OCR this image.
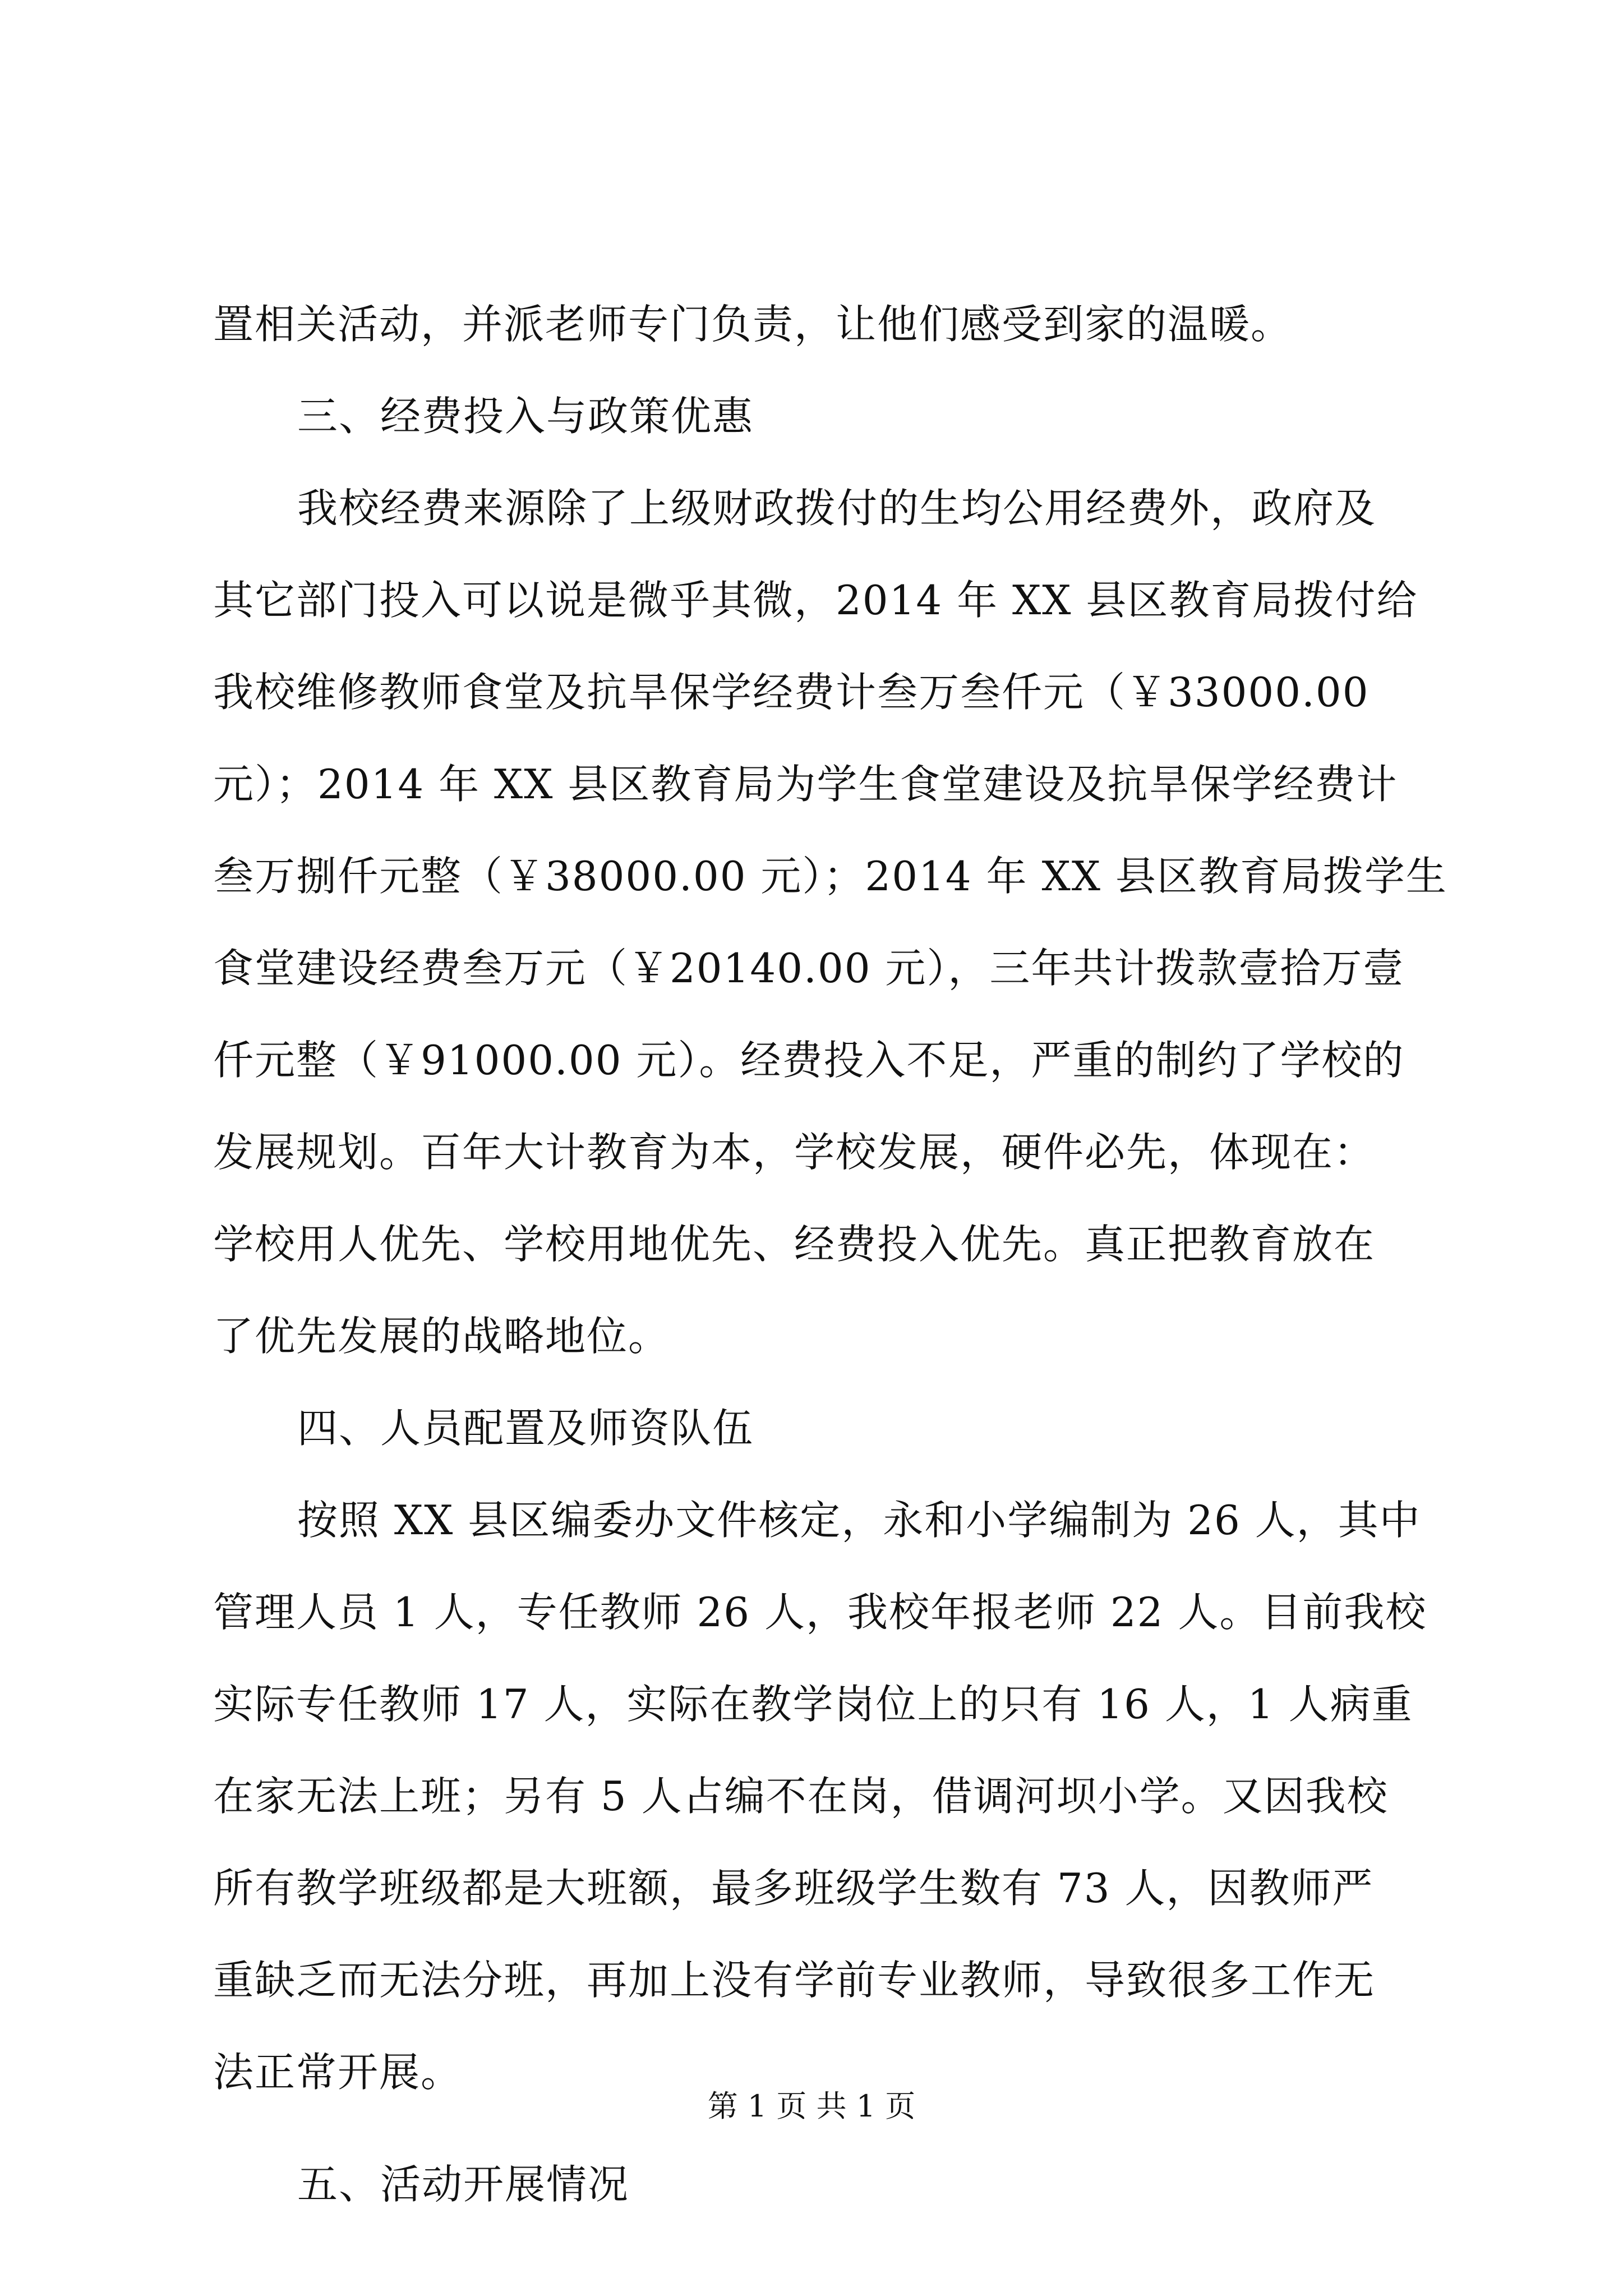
置相关活动，并派老师专门负责，让他们感受到家的温暖。
三、经费投入与政策优惠
我校经费来源除了上级财政拨付的生均公用经费外，政府及
其它部门投入可以说是微乎其微，2014 年 XX 县区教育局拨付给
我校维修教师食堂及抗旱保学经费计叁万叁仟元（￥33000.00
元）；2014 年 XX 县区教育局为学生食堂建设及抗旱保学经费计
叁万捌仟元整（￥38000.00 元）；2014 年 XX 县区教育局拨学生
食堂建设经费叁万元（￥20140.00 元），三年共计拨款壹拾万壹
仟元整（￥91000.00 元）。经费投入不足，严重的制约了学校的
发展规划。百年大计教育为本，学校发展，硬件必先，体现在：
学校用人优先、学校用地优先、经费投入优先。真正把教育放在
了优先发展的战略地位。
四、人员配置及师资队伍
按照 XX 县区编委办文件核定，永和小学编制为 26 人，其中
管理人员 1 人，专任教师 26 人，我校年报老师 22 人。目前我校
实际专任教师 17 人，实际在教学岗位上的只有 16 人，1 人病重
在家无法上班；另有 5 人占编不在岗，借调河坝小学。又因我校
所有教学班级都是大班额，最多班级学生数有 73 人，因教师严
重缺乏而无法分班，再加上没有学前专业教师，导致很多工作无
法正常开展。
五、活动开展情况
第 1 页 共 1 页
